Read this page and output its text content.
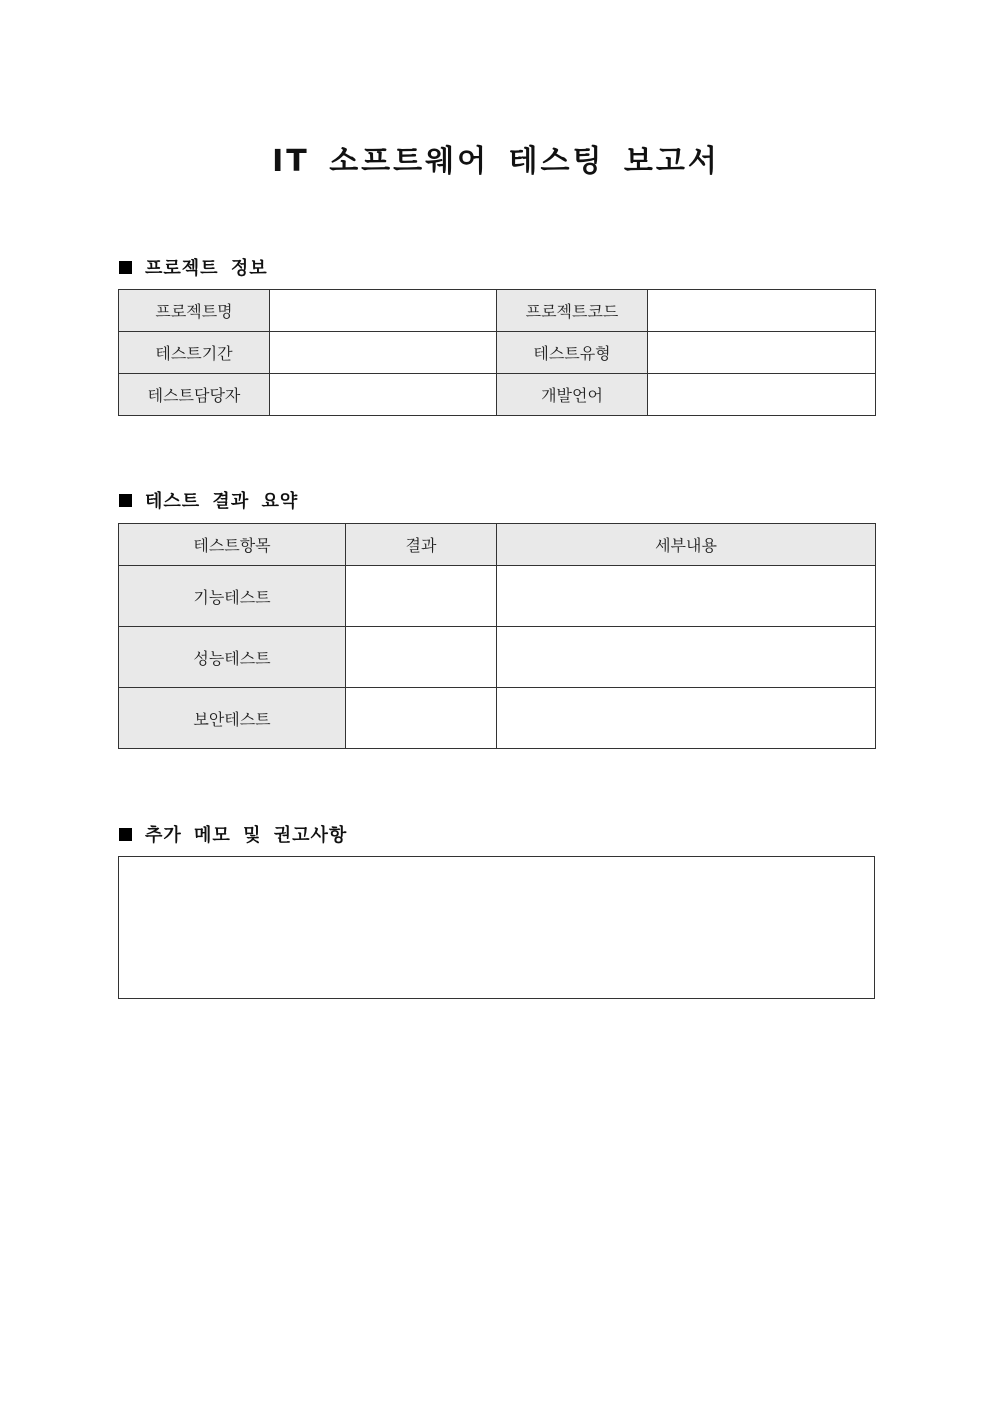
IT 소프트웨어 테스팅 보고서
프로젝트 정보
프로젝트명		프로젝트코드	
테스트기간		테스트유형	
테스트담당자		개발언어	
테스트 결과 요약
테스트항목	결과	세부내용
기능테스트		
성능테스트		
보안테스트		
추가 메모 및 권고사항
